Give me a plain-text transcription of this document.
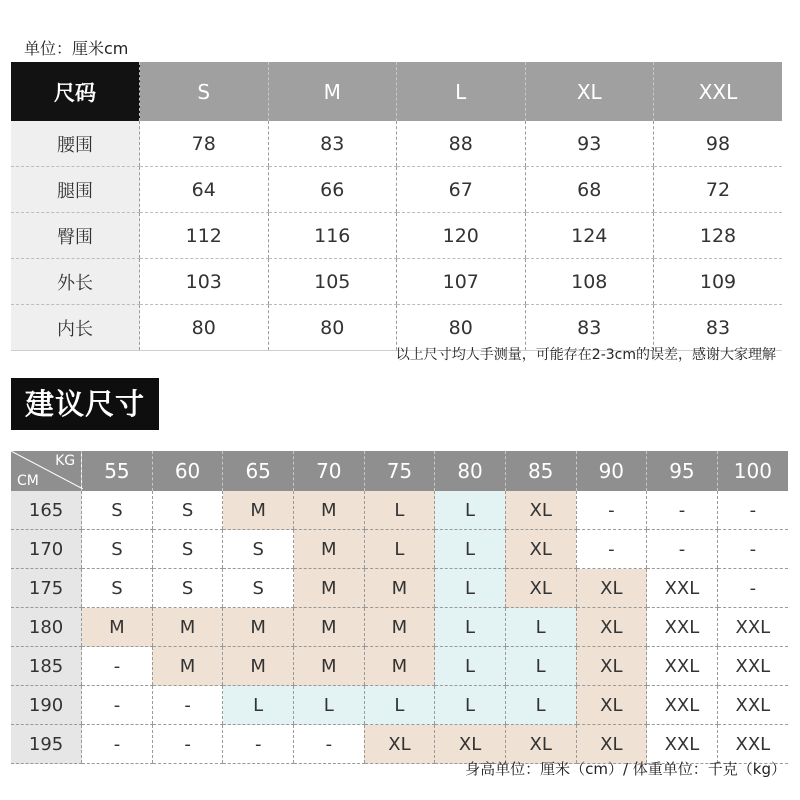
单位：厘米cm
尺码	S	M	L	XL	XXL
腰围	78	83	88	93	98
腿围	64	66	67	68	72
臀围	112	116	120	124	128
外长	103	105	107	108	109
内长	80	80	80	83	83
以上尺寸均人手测量，可能存在2-3cm的误差，感谢大家理解
建议尺寸
KG
CM	55	60	65	70	75	80	85	90	95	100
165	S	S	M	M	L	L	XL	-	-	-
170	S	S	S	M	L	L	XL	-	-	-
175	S	S	S	M	M	L	XL	XL	XXL	-
180	M	M	M	M	M	L	L	XL	XXL	XXL
185	-	M	M	M	M	L	L	XL	XXL	XXL
190	-	-	L	L	L	L	L	XL	XXL	XXL
195	-	-	-	-	XL	XL	XL	XL	XXL	XXL
身高单位：厘米（cm）/ 体重单位：千克（kg）
